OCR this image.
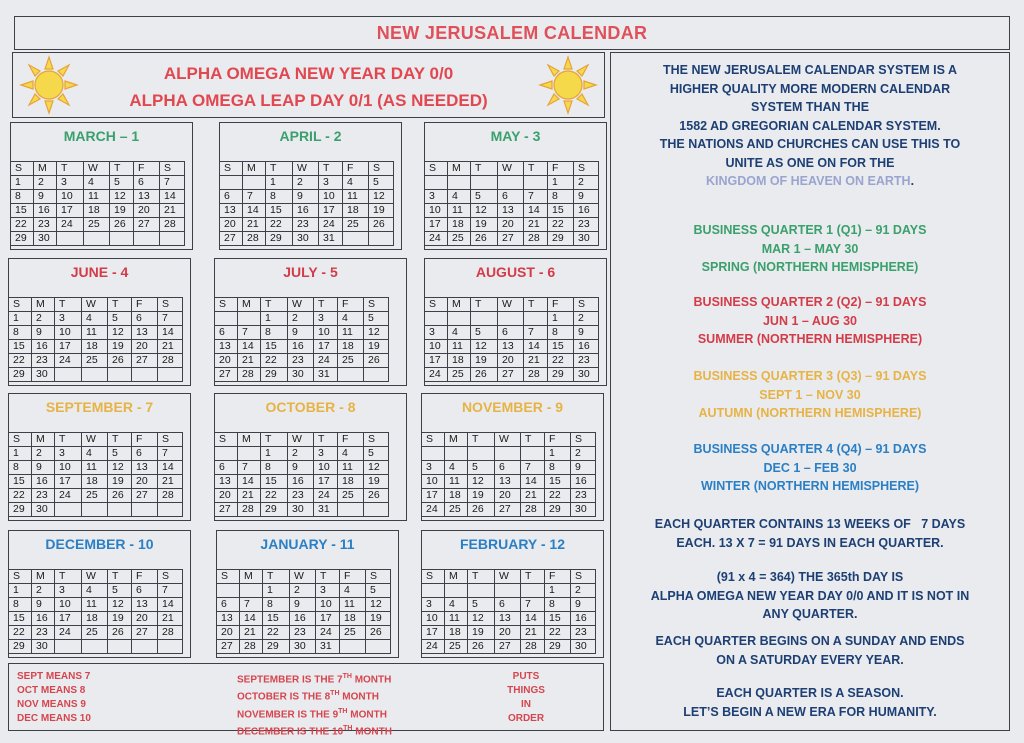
NEW JERUSALEM CALENDAR
ALPHA OMEGA NEW YEAR DAY 0/0
ALPHA OMEGA LEAP DAY 0/1 (AS NEEDED)
MARCH – 1
S	M	T	W	T	F	S
1	2	3	4	5	6	7
8	9	10	11	12	13	14
15	16	17	18	19	20	21
22	23	24	25	26	27	28
29	30					
APRIL - 2
S	M	T	W	T	F	S
		1	2	3	4	5
6	7	8	9	10	11	12
13	14	15	16	17	18	19
20	21	22	23	24	25	26
27	28	29	30	31		
MAY - 3
S	M	T	W	T	F	S
					1	2
3	4	5	6	7	8	9
10	11	12	13	14	15	16
17	18	19	20	21	22	23
24	25	26	27	28	29	30
JUNE - 4
S	M	T	W	T	F	S
1	2	3	4	5	6	7
8	9	10	11	12	13	14
15	16	17	18	19	20	21
22	23	24	25	26	27	28
29	30					
JULY - 5
S	M	T	W	T	F	S
		1	2	3	4	5
6	7	8	9	10	11	12
13	14	15	16	17	18	19
20	21	22	23	24	25	26
27	28	29	30	31		
AUGUST - 6
S	M	T	W	T	F	S
					1	2
3	4	5	6	7	8	9
10	11	12	13	14	15	16
17	18	19	20	21	22	23
24	25	26	27	28	29	30
SEPTEMBER - 7
S	M	T	W	T	F	S
1	2	3	4	5	6	7
8	9	10	11	12	13	14
15	16	17	18	19	20	21
22	23	24	25	26	27	28
29	30					
OCTOBER - 8
S	M	T	W	T	F	S
		1	2	3	4	5
6	7	8	9	10	11	12
13	14	15	16	17	18	19
20	21	22	23	24	25	26
27	28	29	30	31		
NOVEMBER - 9
S	M	T	W	T	F	S
					1	2
3	4	5	6	7	8	9
10	11	12	13	14	15	16
17	18	19	20	21	22	23
24	25	26	27	28	29	30
DECEMBER - 10
S	M	T	W	T	F	S
1	2	3	4	5	6	7
8	9	10	11	12	13	14
15	16	17	18	19	20	21
22	23	24	25	26	27	28
29	30					
JANUARY - 11
S	M	T	W	T	F	S
		1	2	3	4	5
6	7	8	9	10	11	12
13	14	15	16	17	18	19
20	21	22	23	24	25	26
27	28	29	30	31		
FEBRUARY - 12
S	M	T	W	T	F	S
					1	2
3	4	5	6	7	8	9
10	11	12	13	14	15	16
17	18	19	20	21	22	23
24	25	26	27	28	29	30
SEPT MEANS 7
OCT MEANS 8
NOV MEANS 9
DEC MEANS 10
SEPTEMBER IS THE 7TH MONTH
OCTOBER IS THE 8TH MONTH
NOVEMBER IS THE 9TH MONTH
DECEMBER IS THE 10TH MONTH
PUTS
THINGS
IN
ORDER
THE NEW JERUSALEM CALENDAR SYSTEM IS A
HIGHER QUALITY MORE MODERN CALENDAR
SYSTEM THAN THE
1582 AD GREGORIAN CALENDAR SYSTEM.
THE NATIONS AND CHURCHES CAN USE THIS TO
UNITE AS ONE ON FOR THE
KINGDOM OF HEAVEN ON EARTH.
BUSINESS QUARTER 1 (Q1) – 91 DAYS
MAR 1 – MAY 30
SPRING (NORTHERN HEMISPHERE)
BUSINESS QUARTER 2 (Q2) – 91 DAYS
JUN 1 – AUG 30
SUMMER (NORTHERN HEMISPHERE)
BUSINESS QUARTER 3 (Q3) – 91 DAYS
SEPT 1 – NOV 30
AUTUMN (NORTHERN HEMISPHERE)
BUSINESS QUARTER 4 (Q4) – 91 DAYS
DEC 1 – FEB 30
WINTER (NORTHERN HEMISPHERE)
EACH QUARTER CONTAINS 13 WEEKS OF   7 DAYS
EACH. 13 X 7 = 91 DAYS IN EACH QUARTER.
(91 x 4 = 364) THE 365th DAY IS
ALPHA OMEGA NEW YEAR DAY 0/0 AND IT IS NOT IN
ANY QUARTER.
EACH QUARTER BEGINS ON A SUNDAY AND ENDS
ON A SATURDAY EVERY YEAR.
EACH QUARTER IS A SEASON.
LET’S BEGIN A NEW ERA FOR HUMANITY.
